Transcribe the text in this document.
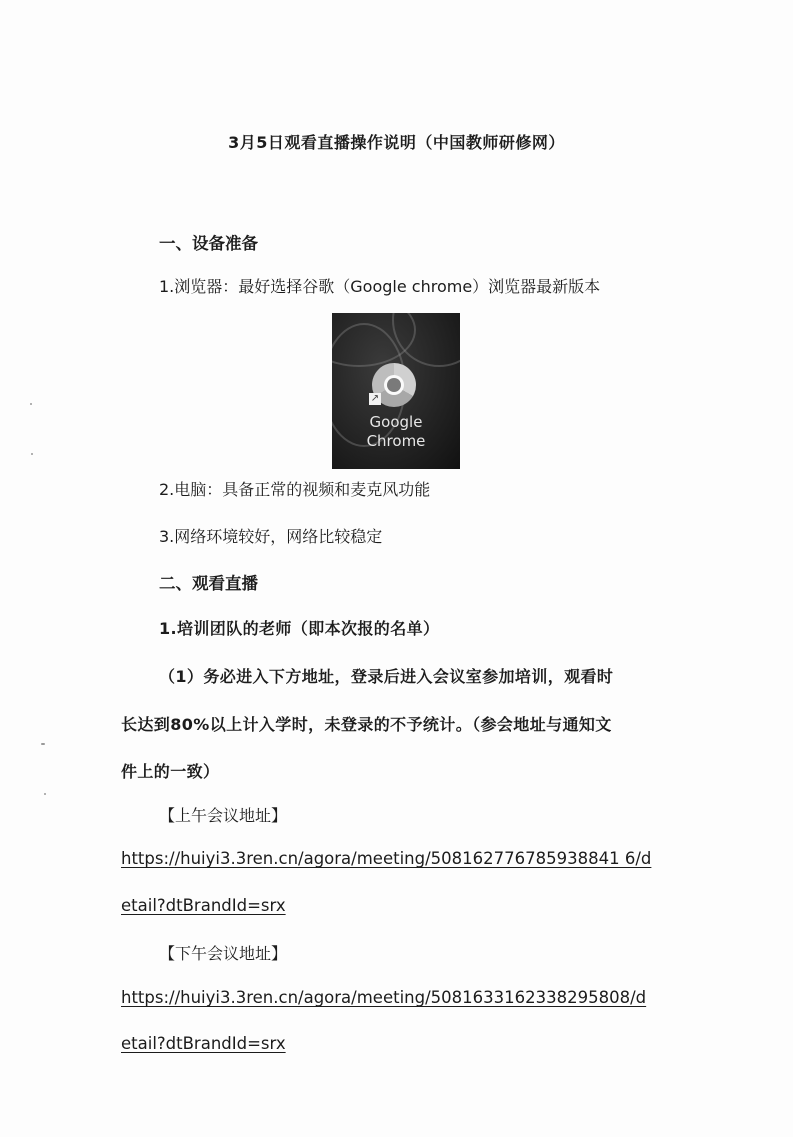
3月5日观看直播操作说明（中国教师研修网）
一、设备准备
1.浏览器：最好选择谷歌（Google chrome）浏览器最新版本
↗
Google
Chrome
2.电脑：具备正常的视频和麦克风功能
3.网络环境较好，网络比较稳定
二、观看直播
1.培训团队的老师（即本次报的名单）
（1）务必进入下方地址，登录后进入会议室参加培训，观看时
长达到80%以上计入学时，未登录的不予统计。（参会地址与通知文
件上的一致）
【上午会议地址】
https://huiyi3.3ren.cn/agora/meeting/508162776785938841 6/d
etail?dtBrandId=srx
【下午会议地址】
https://huiyi3.3ren.cn/agora/meeting/5081633162338295808/d
etail?dtBrandId=srx
